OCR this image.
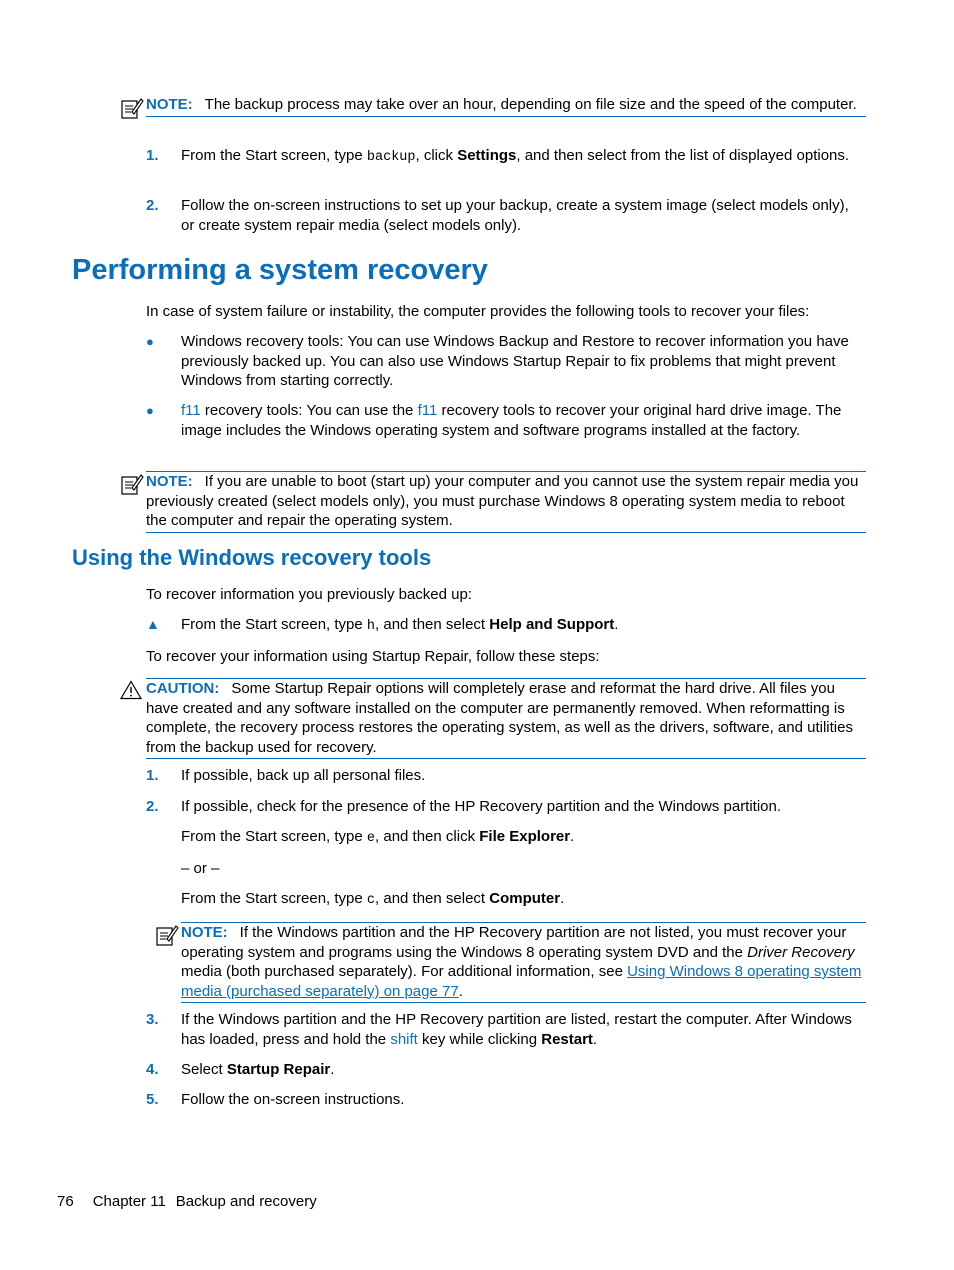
NOTE: The backup process may take over an hour, depending on file size and the speed of the computer.
1. From the Start screen, type backup, click Settings, and then select from the list of displayed options.
2. Follow the on-screen instructions to set up your backup, create a system image (select models only), or create system repair media (select models only).
Performing a system recovery
In case of system failure or instability, the computer provides the following tools to recover your files:
● Windows recovery tools: You can use Windows Backup and Restore to recover information you have previously backed up. You can also use Windows Startup Repair to fix problems that might prevent Windows from starting correctly.
● f11 recovery tools: You can use the f11 recovery tools to recover your original hard drive image. The image includes the Windows operating system and software programs installed at the factory.
NOTE: If you are unable to boot (start up) your computer and you cannot use the system repair media you previously created (select models only), you must purchase Windows 8 operating system media to reboot the computer and repair the operating system.
Using the Windows recovery tools
To recover information you previously backed up:
▲ From the Start screen, type h, and then select Help and Support.
To recover your information using Startup Repair, follow these steps:
CAUTION: Some Startup Repair options will completely erase and reformat the hard drive. All files you have created and any software installed on the computer are permanently removed. When reformatting is complete, the recovery process restores the operating system, as well as the drivers, software, and utilities from the backup used for recovery.
1. If possible, back up all personal files.
2. If possible, check for the presence of the HP Recovery partition and the Windows partition.
From the Start screen, type e, and then click File Explorer.
– or –
From the Start screen, type c, and then select Computer.
NOTE: If the Windows partition and the HP Recovery partition are not listed, you must recover your operating system and programs using the Windows 8 operating system DVD and the Driver Recovery media (both purchased separately). For additional information, see Using Windows 8 operating system media (purchased separately) on page 77.
3. If the Windows partition and the HP Recovery partition are listed, restart the computer. After Windows has loaded, press and hold the shift key while clicking Restart.
4. Select Startup Repair.
5. Follow the on-screen instructions.
76 Chapter 11 Backup and recovery
